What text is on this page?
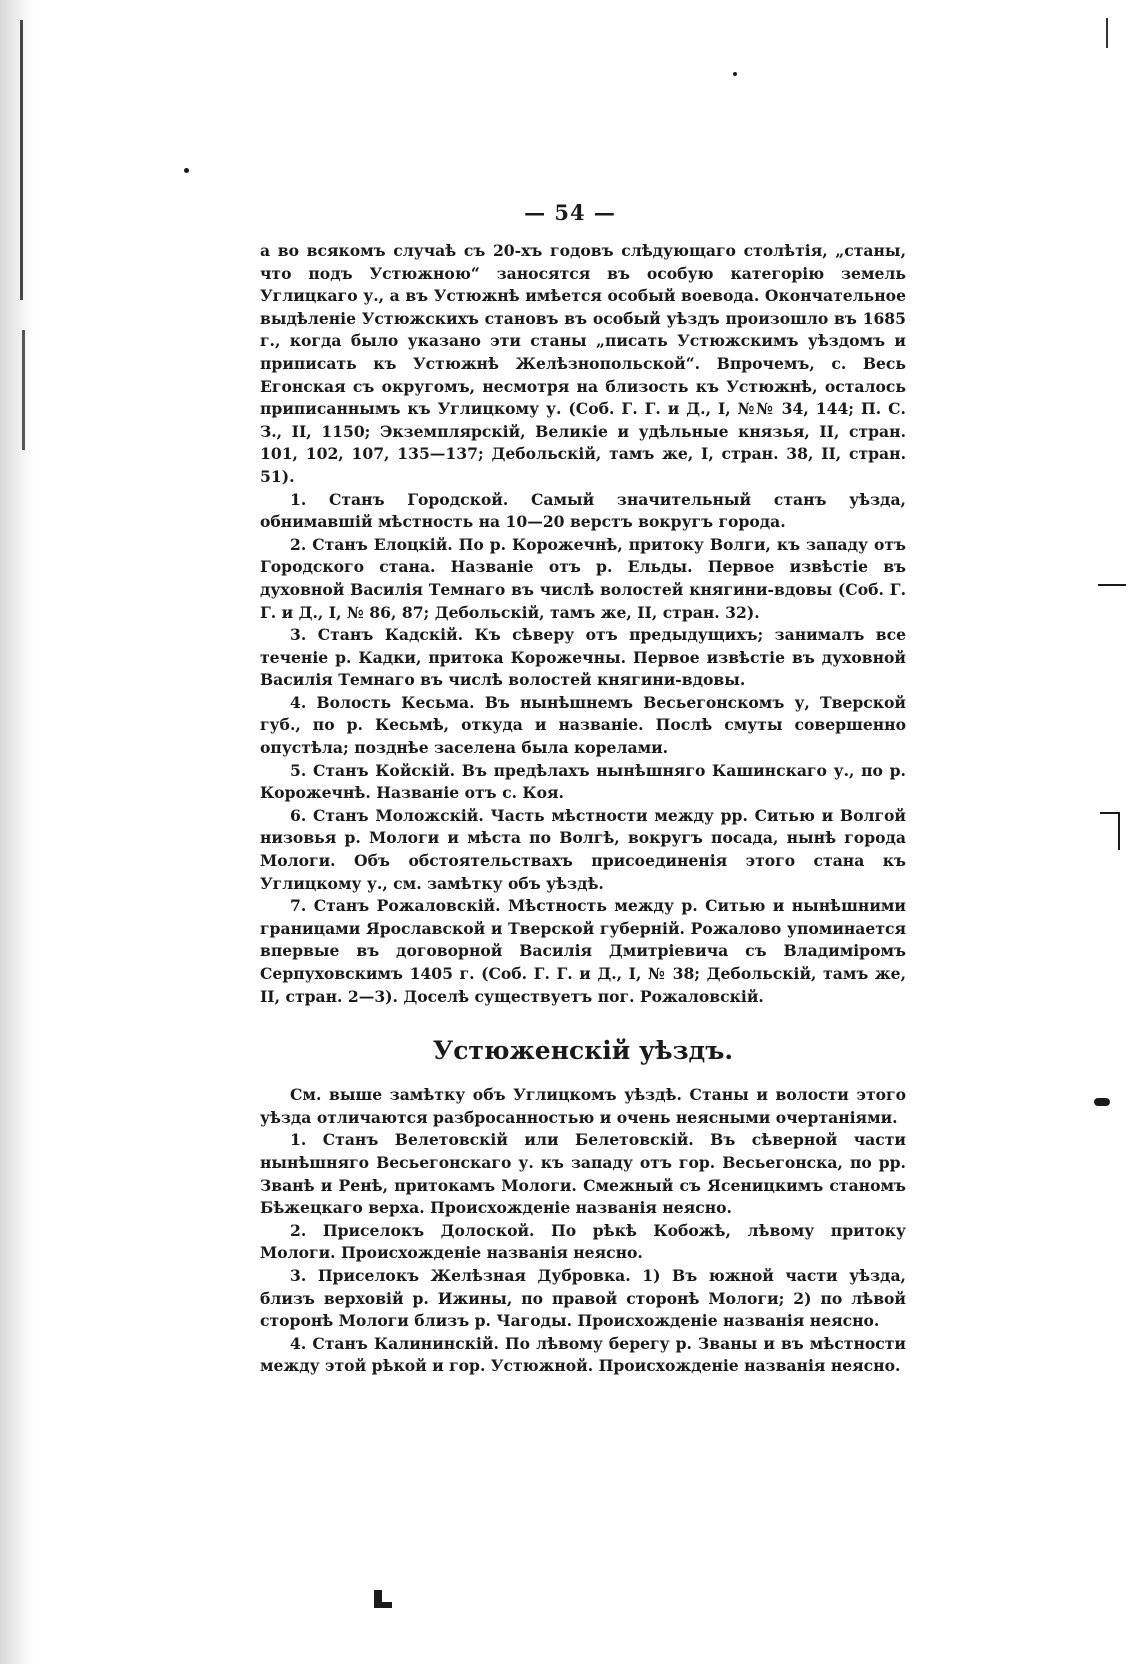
— 54 —

а во всякомъ случаѣ съ 20-хъ годовъ слѣдующаго столѣтія, „станы, что подъ Устюжною“ заносятся въ особую категорію земель Углицкаго у., а въ Устюжнѣ имѣется особый воевода. Окончательное выдѣленіе Устюжскихъ становъ въ особый уѣздъ произошло въ 1685 г., когда было указано эти станы „писать Устюжскимъ уѣздомъ и приписать къ Устюжнѣ Желѣзнопольской“. Впрочемъ, с. Весь Егонская съ округомъ, несмотря на близость къ Устюжнѣ, осталось приписаннымъ къ Углицкому у. (Соб. Г. Г. и Д., I, №№ 34, 144; П. С. З., II, 1150; Экземплярскій, Великіе и удѣльные князья, II, стран. 101, 102, 107, 135—137; Дебольскій, тамъ же, I, стран. 38, II, стран. 51).

1. Станъ Городской. Самый значительный станъ уѣзда, обнимавшій мѣстность на 10—20 верстъ вокругъ города.

2. Станъ Елоцкій. По р. Корожечнѣ, притоку Волги, къ западу отъ Городского стана. Названіе отъ р. Ельды. Первое извѣстіе въ духовной Василія Темнаго въ числѣ волостей княгини-вдовы (Соб. Г. Г. и Д., I, № 86, 87; Дебольскій, тамъ же, II, стран. 32).

3. Станъ Кадскій. Къ сѣверу отъ предыдущихъ; занималъ все теченіе р. Кадки, притока Корожечны. Первое извѣстіе въ духовной Василія Темнаго въ числѣ волостей княгини-вдовы.

4. Волость Кесьма. Въ нынѣшнемъ Весьегонскомъ у, Тверской губ., по р. Кесьмѣ, откуда и названіе. Послѣ смуты совершенно опустѣла; позднѣе заселена была корелами.

5. Станъ Койскій. Въ предѣлахъ нынѣшняго Кашинскаго у., по р. Корожечнѣ. Названіе отъ с. Коя.

6. Станъ Моложскій. Часть мѣстности между рр. Ситью и Волгой низовья р. Мологи и мѣста по Волгѣ, вокругъ посада, нынѣ города Мологи. Объ обстоятельствахъ присоединенія этого стана къ Углицкому у., см. замѣтку объ уѣздѣ.

7. Станъ Рожаловскій. Мѣстность между р. Ситью и нынѣшними границами Ярославской и Тверской губерній. Рожалово упоминается впервые въ договорной Василія Дмитріевича съ Владиміромъ Серпуховскимъ 1405 г. (Соб. Г. Г. и Д., I, № 38; Дебольскій, тамъ же, II, стран. 2—3). Доселѣ существуетъ пог. Рожаловскій.

Устюженскій уѣздъ.

См. выше замѣтку объ Углицкомъ уѣздѣ. Станы и волости этого уѣзда отличаются разбросанностью и очень неясными очертаніями.

1. Станъ Велетовскій или Белетовскій. Въ сѣверной части нынѣшняго Весьегонскаго у. къ западу отъ гор. Весьегонска, по рр. Званѣ и Ренѣ, притокамъ Мологи. Смежный съ Ясеницкимъ станомъ Бѣжецкаго верха. Происхожденіе названія неясно.

2. Приселокъ Долоской. По рѣкѣ Кобожѣ, лѣвому притоку Мологи. Происхожденіе названія неясно.

3. Приселокъ Желѣзная Дубровка. 1) Въ южной части уѣзда, близъ верховій р. Ижины, по правой сторонѣ Мологи; 2) по лѣвой сторонѣ Мологи близъ р. Чагоды. Происхожденіе названія неясно.

4. Станъ Калининскій. По лѣвому берегу р. Званы и въ мѣстности между этой рѣкой и гор. Устюжной. Происхожденіе названія неясно.
